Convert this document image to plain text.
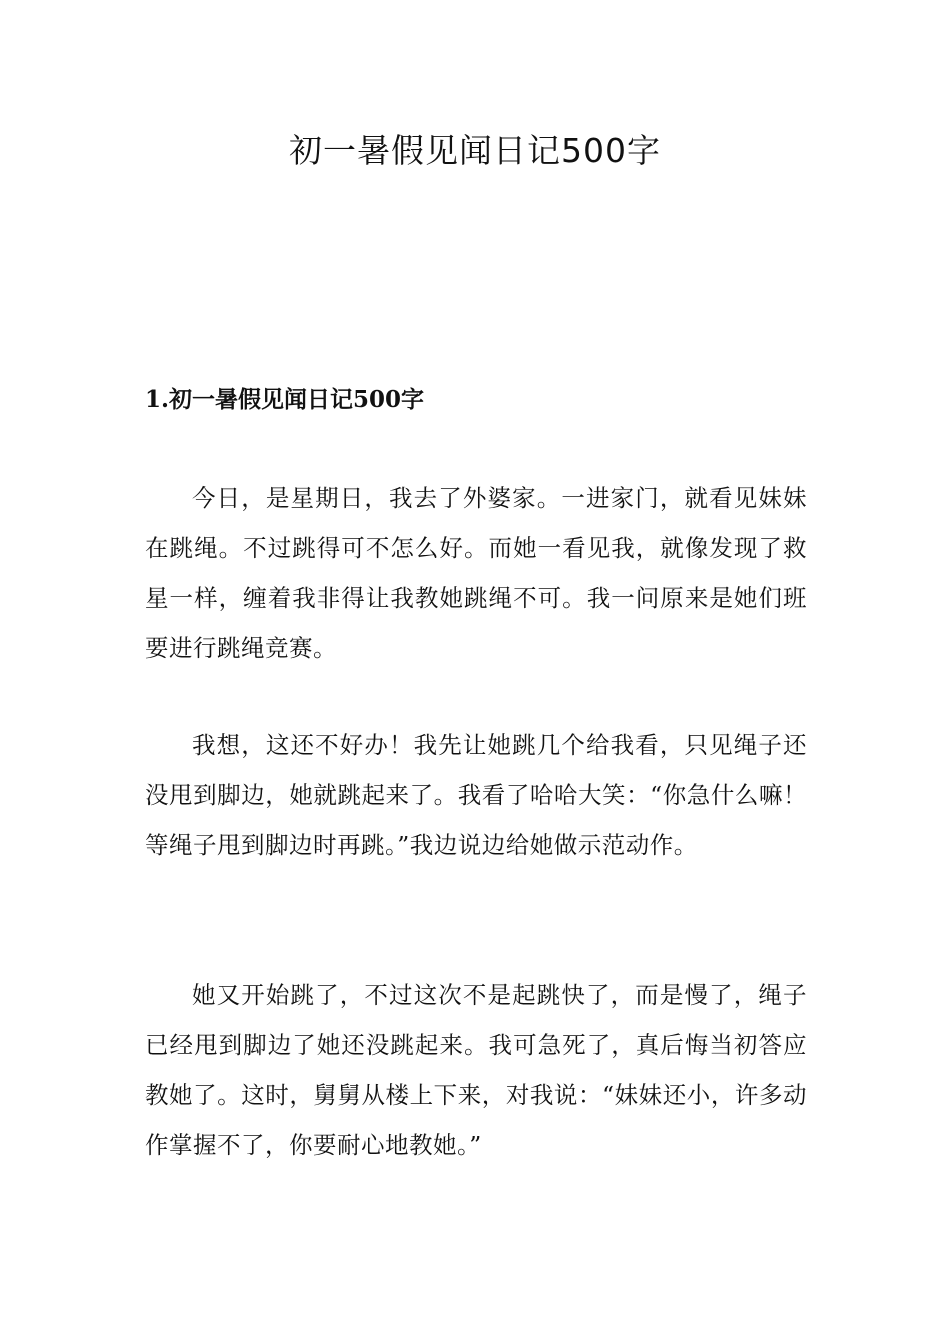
初一暑假见闻日记500字
1.初一暑假见闻日记500字

今日，是星期日，我去了外婆家。一进家门，就看见妹妹在跳绳。不过跳得可不怎么好。而她一看见我，就像发现了救星一样，缠着我非得让我教她跳绳不可。我一问原来是她们班要进行跳绳竞赛。

我想，这还不好办！我先让她跳几个给我看，只见绳子还没甩到脚边，她就跳起来了。我看了哈哈大笑：“你急什么嘛！等绳子甩到脚边时再跳。”我边说边给她做示范动作。

她又开始跳了，不过这次不是起跳快了，而是慢了，绳子已经甩到脚边了她还没跳起来。我可急死了，真后悔当初答应教她了。这时，舅舅从楼上下来，对我说：“妹妹还小，许多动作掌握不了，你要耐心地教她。”
